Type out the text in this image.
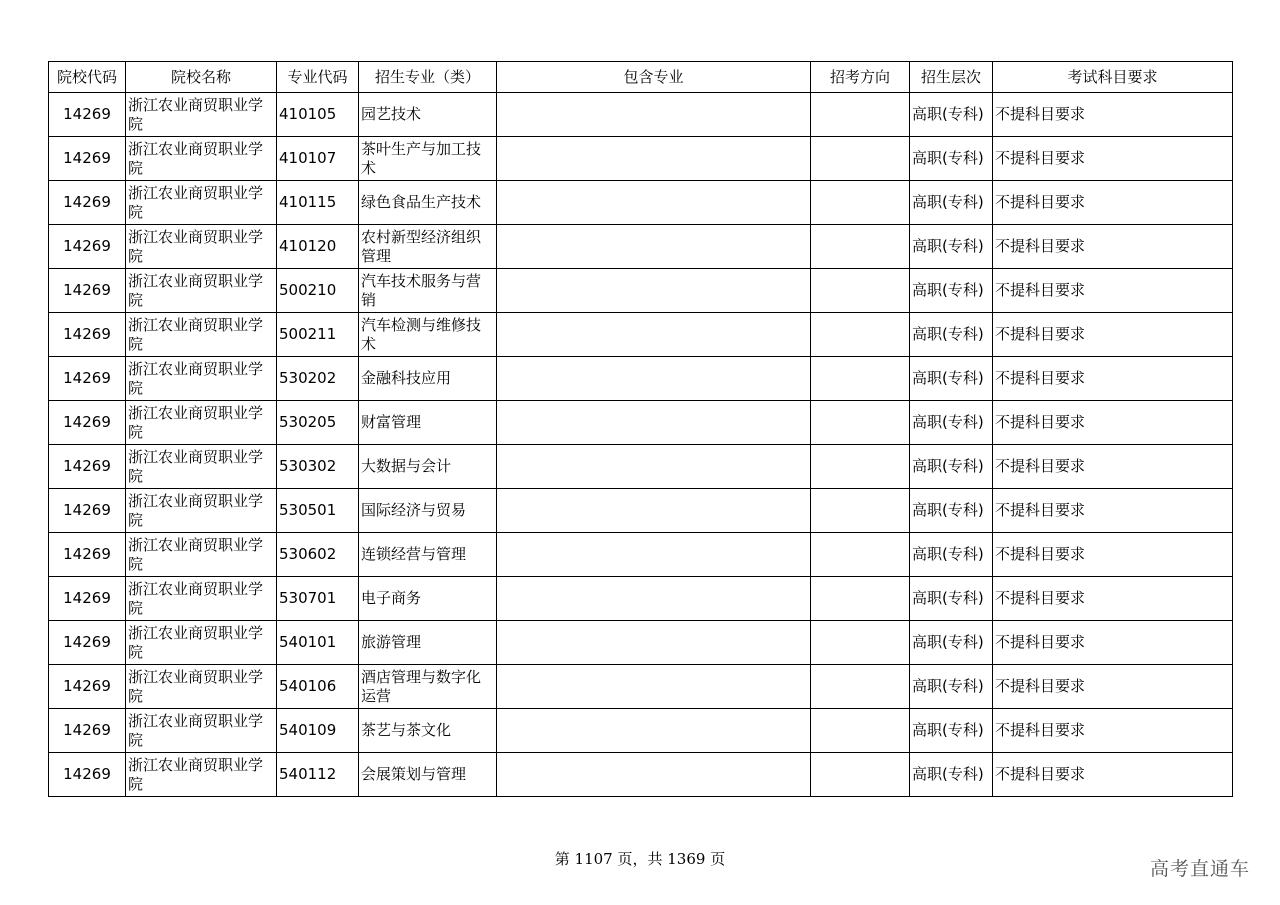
院校代码	院校名称	专业代码	招生专业（类）	包含专业	招考方向	招生层次	考试科目要求
14269	浙江农业商贸职业学院	410105	园艺技术			高职(专科)	不提科目要求
14269	浙江农业商贸职业学院	410107	茶叶生产与加工技术			高职(专科)	不提科目要求
14269	浙江农业商贸职业学院	410115	绿色食品生产技术			高职(专科)	不提科目要求
14269	浙江农业商贸职业学院	410120	农村新型经济组织管理			高职(专科)	不提科目要求
14269	浙江农业商贸职业学院	500210	汽车技术服务与营销			高职(专科)	不提科目要求
14269	浙江农业商贸职业学院	500211	汽车检测与维修技术			高职(专科)	不提科目要求
14269	浙江农业商贸职业学院	530202	金融科技应用			高职(专科)	不提科目要求
14269	浙江农业商贸职业学院	530205	财富管理			高职(专科)	不提科目要求
14269	浙江农业商贸职业学院	530302	大数据与会计			高职(专科)	不提科目要求
14269	浙江农业商贸职业学院	530501	国际经济与贸易			高职(专科)	不提科目要求
14269	浙江农业商贸职业学院	530602	连锁经营与管理			高职(专科)	不提科目要求
14269	浙江农业商贸职业学院	530701	电子商务			高职(专科)	不提科目要求
14269	浙江农业商贸职业学院	540101	旅游管理			高职(专科)	不提科目要求
14269	浙江农业商贸职业学院	540106	酒店管理与数字化运营			高职(专科)	不提科目要求
14269	浙江农业商贸职业学院	540109	茶艺与茶文化			高职(专科)	不提科目要求
14269	浙江农业商贸职业学院	540112	会展策划与管理			高职(专科)	不提科目要求
第 1107 页，共 1369 页	高考直通车
